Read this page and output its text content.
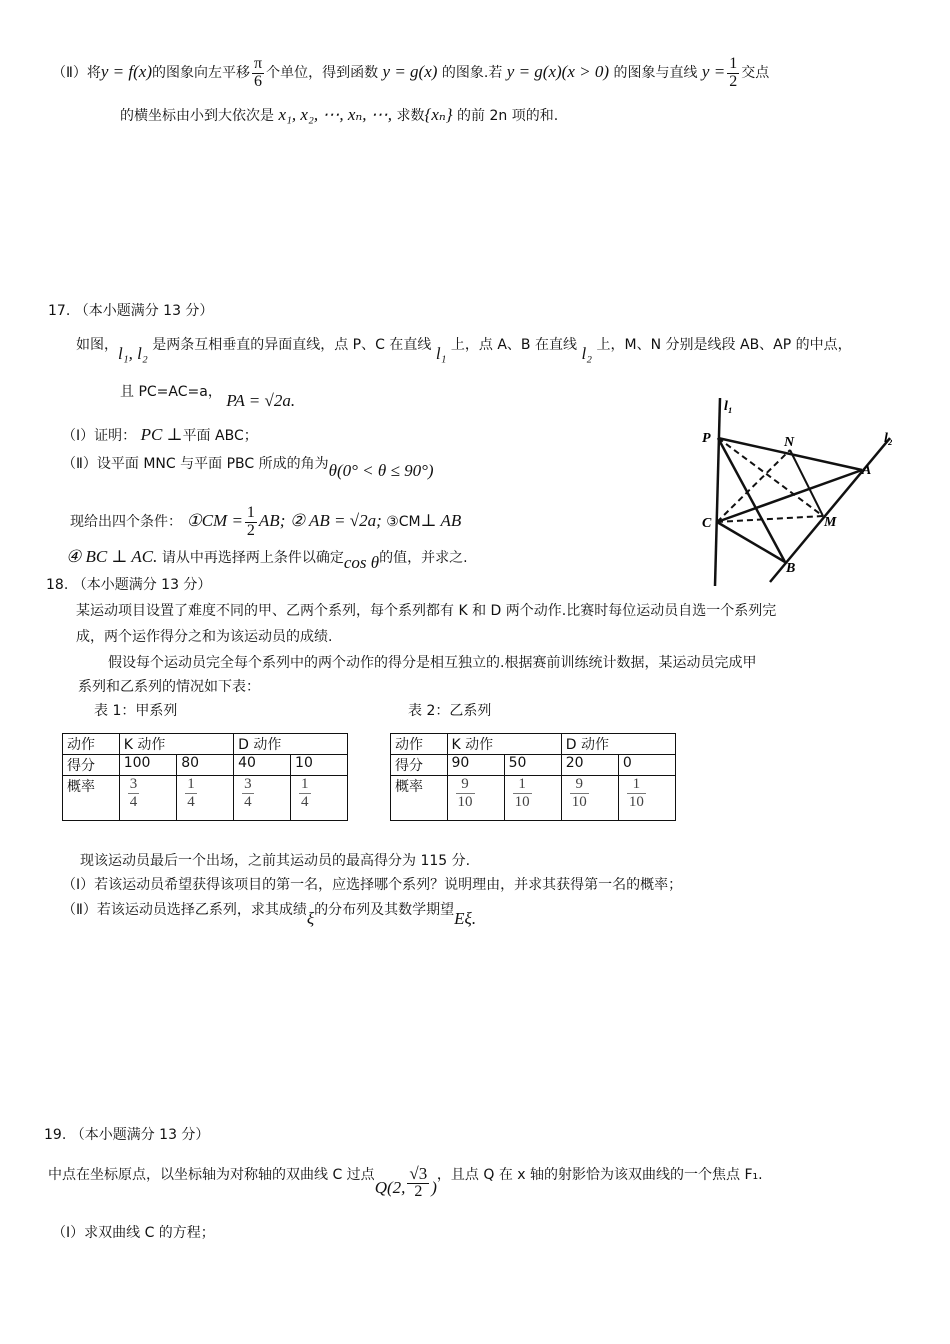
（Ⅱ）将y = f(x)的图象向左平移 $\frac{\pi}{6}$ 个单位，得到函数 y = g(x) 的图象.若 y = g(x)(x > 0) 的图象与直线 $y = \frac{1}{2}$ 交点
的横坐标由小到大依次是 x₁, x₂, ⋯, xₙ, ⋯, 求数{xₙ} 的前 2n 项的和.
17. （本小题满分 13 分）
如图，l₁, l₂ 是两条互相垂直的异面直线，点 P、C 在直线 l₁ 上，点 A、B 在直线 l₂ 上，M、N 分别是线段 AB、AP 的中点，
且 PC=AC=a， PA = √2a.
（Ⅰ）证明： PC ⊥平面 ABC；
（Ⅱ）设平面 MNC 与平面 PBC 所成的角为θ(0° < θ ≤ 90°)
现给出四个条件： ①CM = $\frac{1}{2}$ AB; ② AB = √2a; ③CM⊥ AB
④ BC ⊥ AC. 请从中再选择两上条件以确定cos θ的值，并求之.
l₁
l₂
P	N
A
C	M
B
18. （本小题满分 13 分）
某运动项目设置了难度不同的甲、乙两个系列，每个系列都有 K 和 D 两个动作.比赛时每位运动员自选一个系列完
成，两个运作得分之和为该运动员的成绩.
假设每个运动员完全每个系列中的两个动作的得分是相互独立的.根据赛前训练统计数据，某运动员完成甲
系列和乙系列的情况如下表：
表 1：甲系列	表 2：乙系列
动作	K 动作		D 动作	
得分	100	80	40	10
概率	$\frac{3}{4}$	$\frac{1}{4}$	$\frac{3}{4}$	$\frac{1}{4}$
动作	K 动作		D 动作	
得分	90	50	20	0
概率	$\frac{9}{10}$	$\frac{1}{10}$	$\frac{9}{10}$	$\frac{1}{10}$
现该运动员最后一个出场，之前其运动员的最高得分为 115 分.
（Ⅰ）若该运动员希望获得该项目的第一名，应选择哪个系列？说明理由，并求其获得第一名的概率；
（Ⅱ）若该运动员选择乙系列，求其成绩ξ的分布列及其数学期望Eξ.
19. （本小题满分 13 分）
中点在坐标原点，以坐标轴为对称轴的双曲线 C 过点Q(2, $\frac{√3}{2}$ )，且点 Q 在 x 轴的射影恰为该双曲线的一个焦点 F₁.
（Ⅰ）求双曲线 C 的方程；
